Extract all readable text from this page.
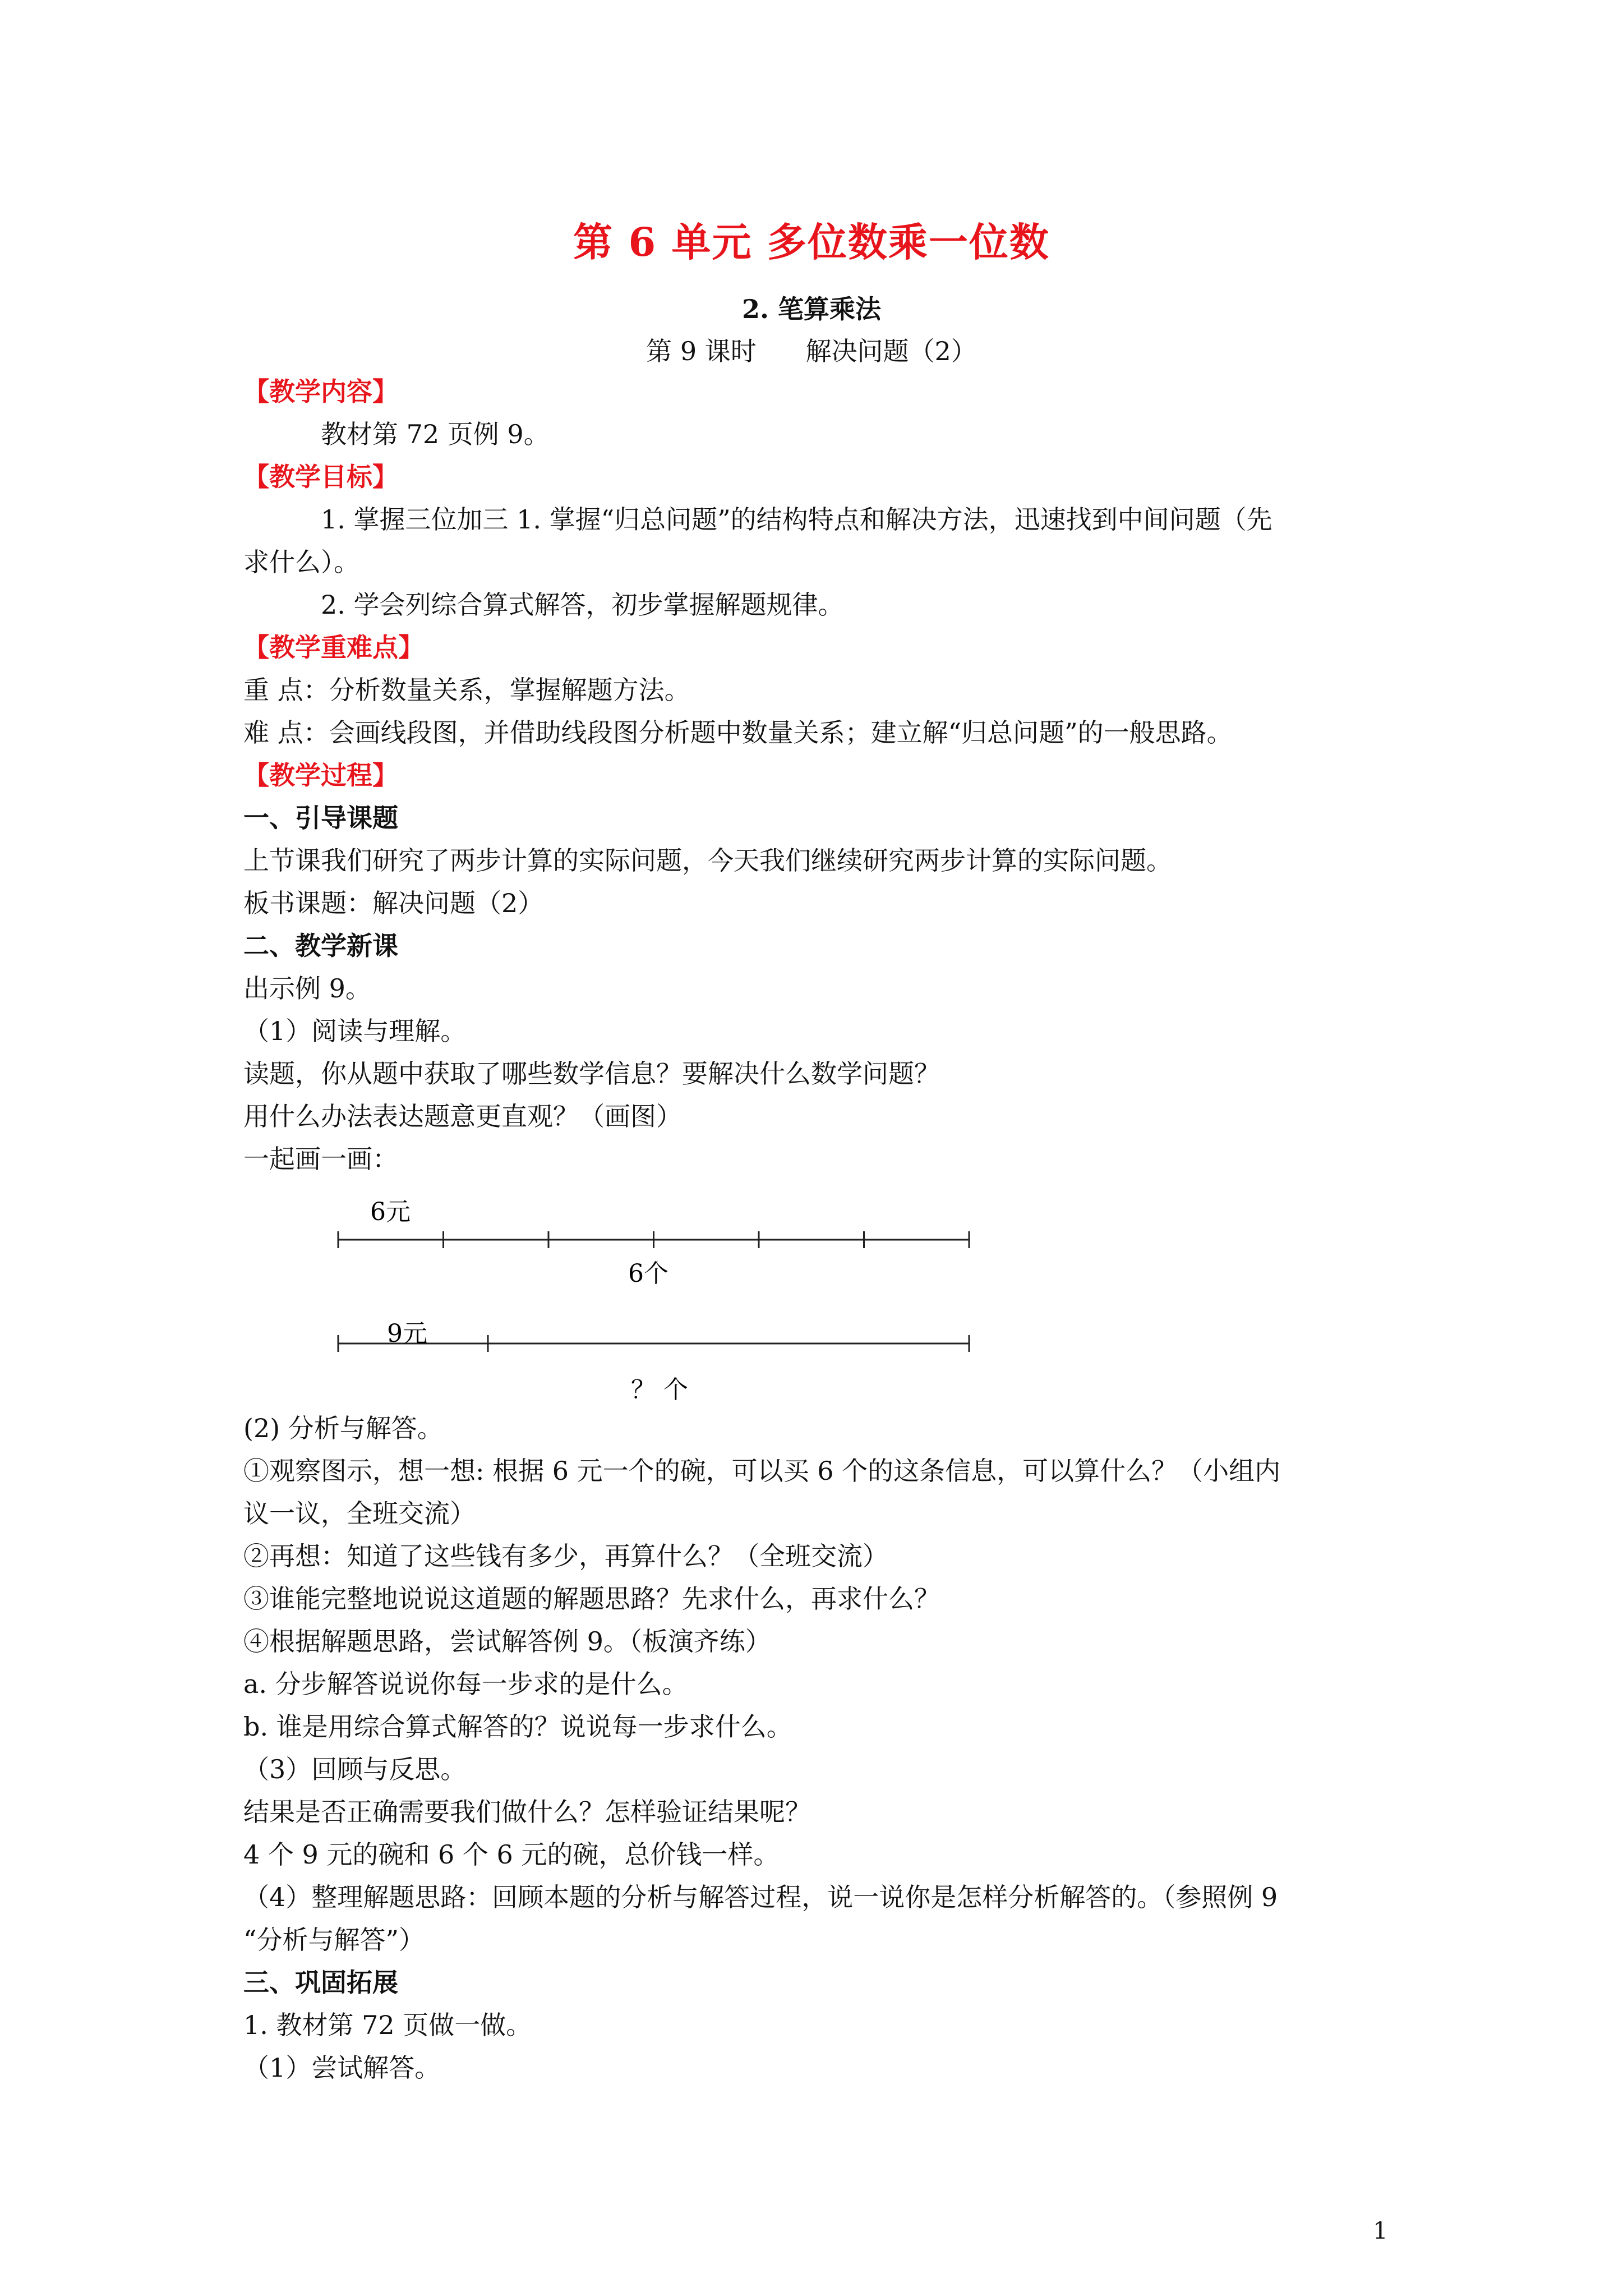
第 6 单元 多位数乘一位数
2. 笔算乘法
第 9 课时      解决问题（2）
【教学内容】
教材第 72 页例 9。
【教学目标】
1. 掌握三位加三 1. 掌握“归总问题”的结构特点和解决方法，迅速找到中间问题（先
求什么）。
2. 学会列综合算式解答，初步掌握解题规律。
【教学重难点】
重 点：分析数量关系，掌握解题方法。
难 点：会画线段图，并借助线段图分析题中数量关系；建立解“归总问题”的一般思路。
【教学过程】
一、引导课题
上节课我们研究了两步计算的实际问题，今天我们继续研究两步计算的实际问题。
板书课题：解决问题（2）
二、教学新课
出示例 9。
（1）阅读与理解。
读题，你从题中获取了哪些数学信息？要解决什么数学问题？
用什么办法表达题意更直观？（画图）
一起画一画：
6元
6个
9元
？ 个
(2) 分析与解答。
①观察图示，想一想: 根据 6 元一个的碗，可以买 6 个的这条信息，可以算什么？（小组内
议一议，全班交流）
②再想：知道了这些钱有多少，再算什么？（全班交流）
③谁能完整地说说这道题的解题思路？先求什么，再求什么？
④根据解题思路，尝试解答例 9。（板演齐练）
a. 分步解答说说你每一步求的是什么。
b. 谁是用综合算式解答的？说说每一步求什么。
（3）回顾与反思。
结果是否正确需要我们做什么？怎样验证结果呢？
4 个 9 元的碗和 6 个 6 元的碗，总价钱一样。
（4）整理解题思路：回顾本题的分析与解答过程，说一说你是怎样分析解答的。（参照例 9
“分析与解答”）
三、巩固拓展
1. 教材第 72 页做一做。
（1）尝试解答。
1
